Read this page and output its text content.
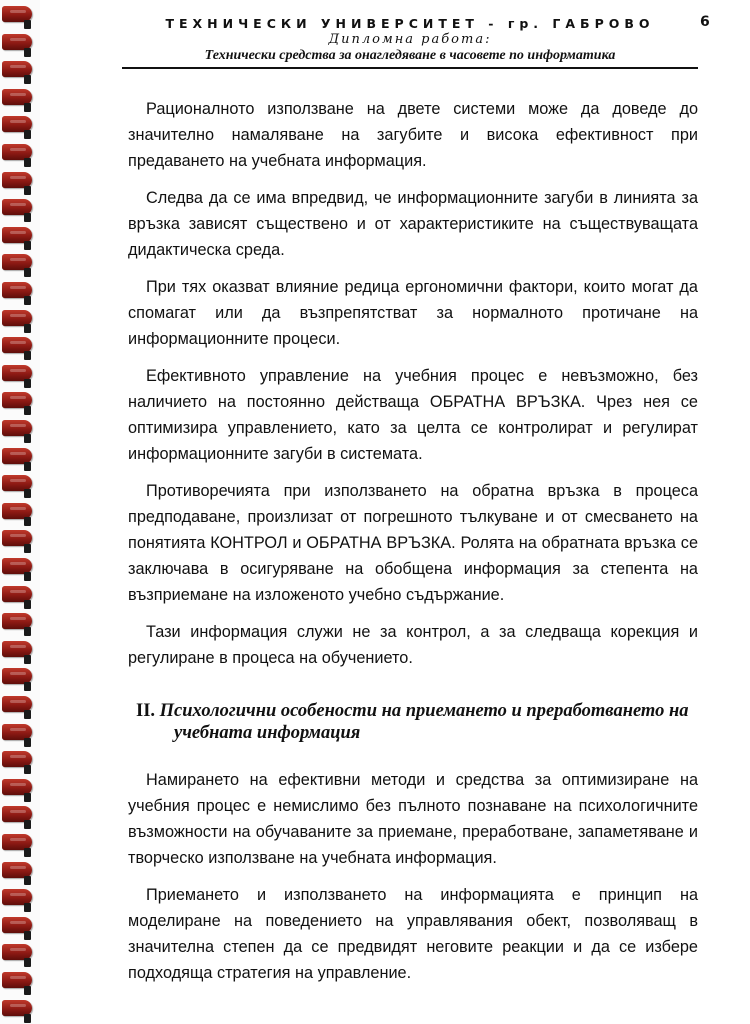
ТЕХНИЧЕСКИ УНИВЕРСИТЕТ - гр. ГАБРОВО
Дипломна работа:
Технически средства за онагледяване в часовете по информатика
6

Рационалното използване на двете системи може да доведе до значително намаляване на загубите и висока ефективност при предаването на учебната информация.

Следва да се има впредвид, че информационните загуби в линията за връзка зависят съществено и от характеристиките на съществуващата дидактическа среда.

При тях оказват влияние редица ергономични фактори, които могат да спомагат или да възпрепятстват за нормалното протичане на информационните процеси.

Ефективното управление на учебния процес е невъзможно, без наличието на постоянно действаща ОБРАТНА ВРЪЗКА. Чрез нея се оптимизира управлението, като за целта се контролират и регулират информационните загуби в системата.

Противоречията при използването на обратна връзка в процеса предподаване, произлизат от погрешното тълкуване и от смесването на понятията КОНТРОЛ и ОБРАТНА ВРЪЗКА. Ролята на обратната връзка се заключава в осигуряване на обобщена информация за степента на възприемане на изложеното учебно съдържание.

Тази информация служи не за контрол, а за следваща корекция и регулиране в процеса на обучението.

II. Психологични особености на приемането и преработването на учебната информация

Намирането на ефективни методи и средства за оптимизиране на учебния процес е немислимо без пълното познаване на психологичните възможности на обучаваните за приемане, преработване, запаметяване и творческо използване на учебната информация.

Приемането и използването на информацията е принцип на моделиране на поведението на управлявания обект, позволяващ в значителна степен да се предвидят неговите реакции и да се избере подходяща стратегия на управление.
